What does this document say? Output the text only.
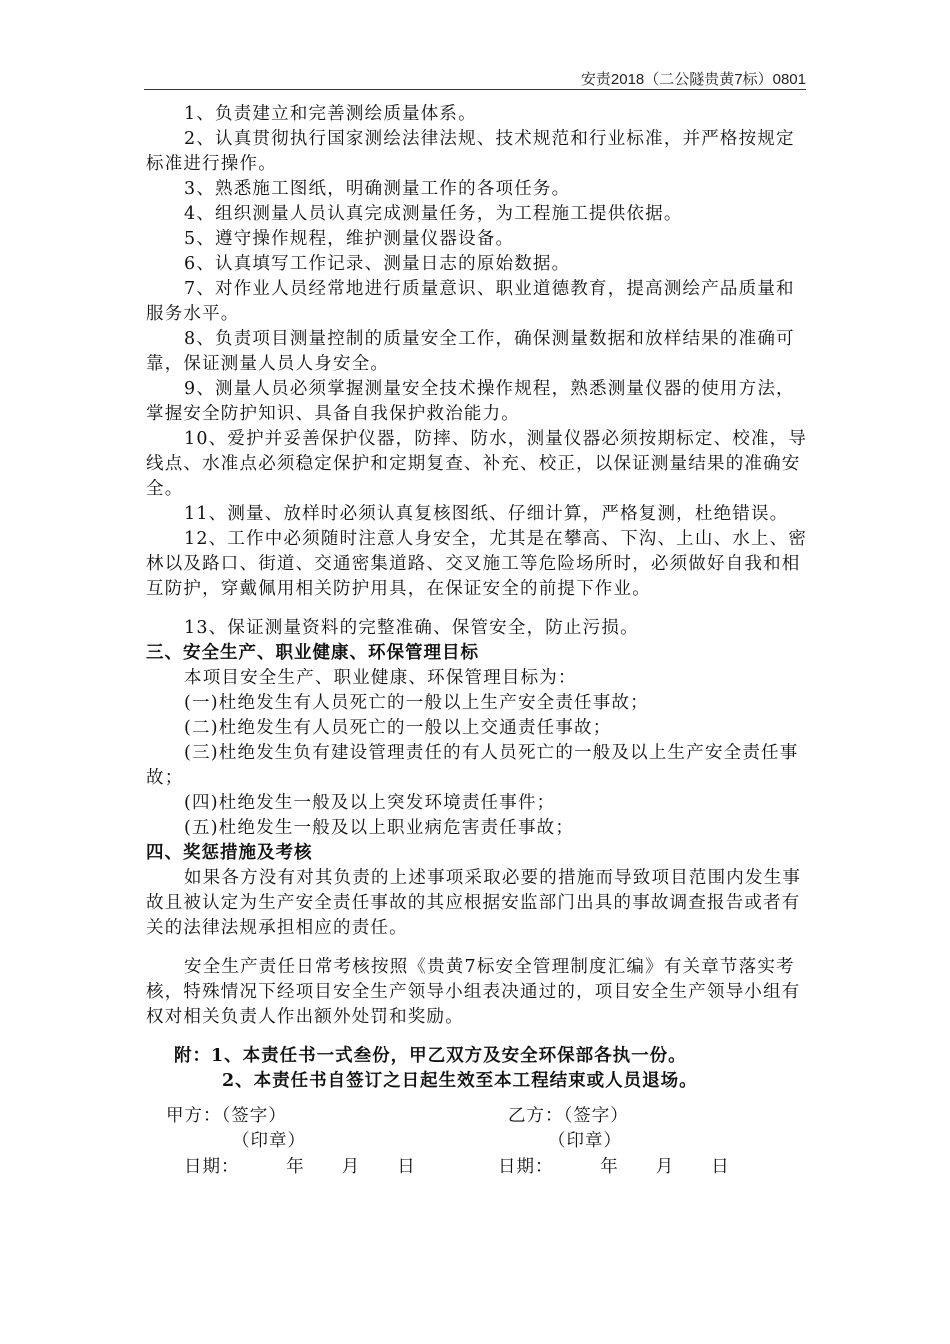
安责2018（二公隧贵黄7标）0801

1、负责建立和完善测绘质量体系。

2、认真贯彻执行国家测绘法律法规、技术规范和行业标准，并严格按规定标准进行操作。

3、熟悉施工图纸，明确测量工作的各项任务。

4、组织测量人员认真完成测量任务，为工程施工提供依据。

5、遵守操作规程，维护测量仪器设备。

6、认真填写工作记录、测量日志的原始数据。

7、对作业人员经常地进行质量意识、职业道德教育，提高测绘产品质量和服务水平。

8、负责项目测量控制的质量安全工作，确保测量数据和放样结果的准确可靠，保证测量人员人身安全。

9、测量人员必须掌握测量安全技术操作规程，熟悉测量仪器的使用方法，掌握安全防护知识、具备自我保护救治能力。

10、爱护并妥善保护仪器，防摔、防水，测量仪器必须按期标定、校准，导线点、水准点必须稳定保护和定期复查、补充、校正，以保证测量结果的准确安全。

11、测量、放样时必须认真复核图纸、仔细计算，严格复测，杜绝错误。

12、工作中必须随时注意人身安全，尤其是在攀高、下沟、上山、水上、密林以及路口、街道、交通密集道路、交叉施工等危险场所时，必须做好自我和相互防护，穿戴佩用相关防护用具，在保证安全的前提下作业。

13、保证测量资料的完整准确、保管安全，防止污损。

三、安全生产、职业健康、环保管理目标

本项目安全生产、职业健康、环保管理目标为：

(一)杜绝发生有人员死亡的一般以上生产安全责任事故；

(二)杜绝发生有人员死亡的一般以上交通责任事故；

(三)杜绝发生负有建设管理责任的有人员死亡的一般及以上生产安全责任事故；

(四)杜绝发生一般及以上突发环境责任事件；

(五)杜绝发生一般及以上职业病危害责任事故；

四、奖惩措施及考核

如果各方没有对其负责的上述事项采取必要的措施而导致项目范围内发生事故且被认定为生产安全责任事故的其应根据安监部门出具的事故调查报告或者有关的法律法规承担相应的责任。

安全生产责任日常考核按照《贵黄7标安全管理制度汇编》有关章节落实考核，特殊情况下经项目安全生产领导小组表决通过的，项目安全生产领导小组有权对相关负责人作出额外处罚和奖励。

附：1、本责任书一式叁份，甲乙双方及安全环保部各执一份。

2、本责任书自签订之日起生效至本工程结束或人员退场。

甲方：（签字）
（印章）
日期：　　　年　　月　　日
乙方：（签字）
（印章）
日期：　　　年　　月　　日
